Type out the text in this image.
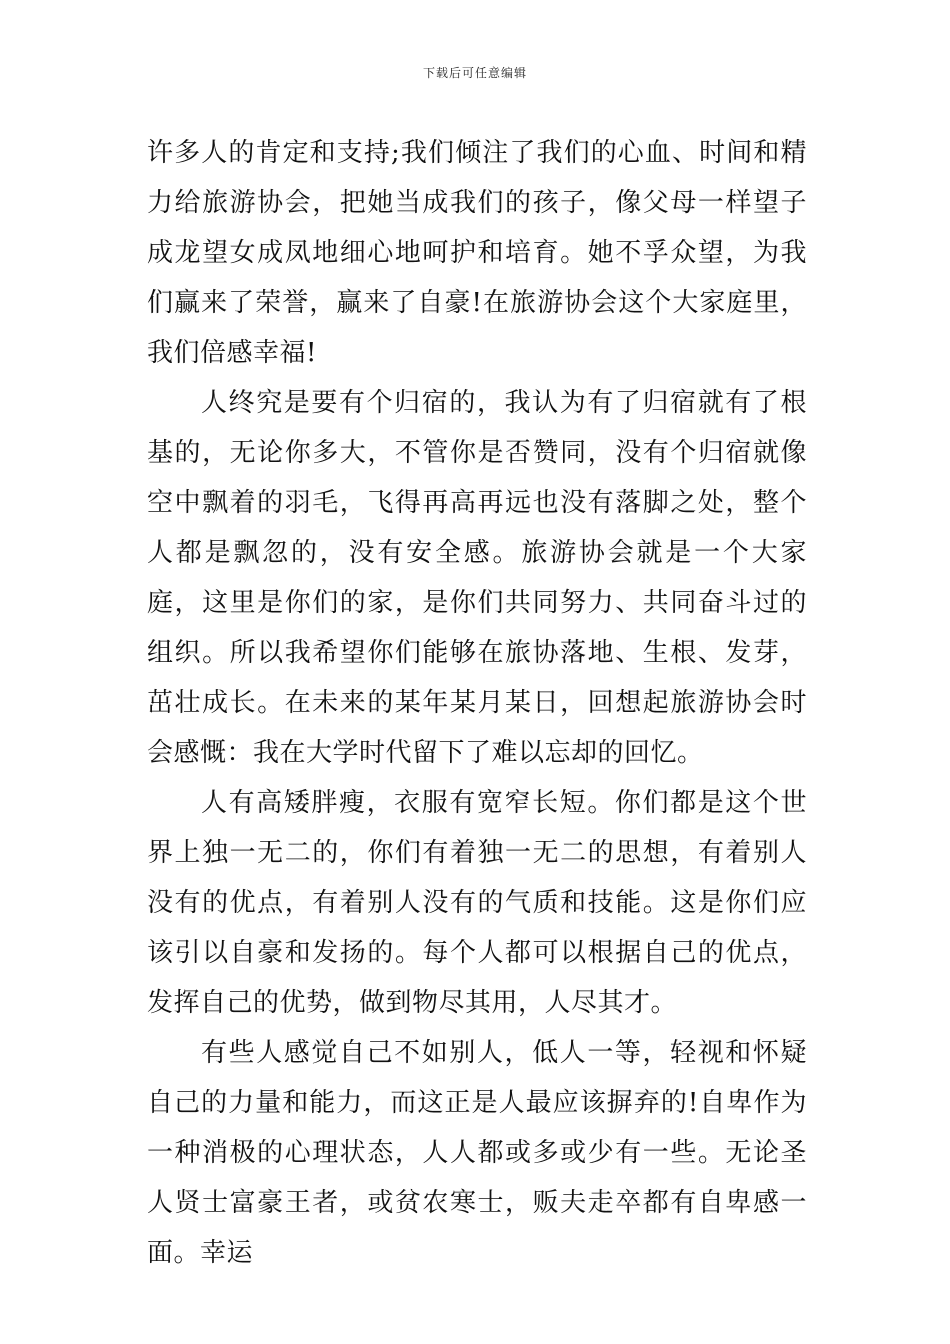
下载后可任意编辑

许多人的肯定和支持;我们倾注了我们的心血、时间和精力给旅游协会，把她当成我们的孩子，像父母一样望子成龙望女成凤地细心地呵护和培育。她不孚众望，为我们赢来了荣誉，赢来了自豪!在旅游协会这个大家庭里，我们倍感幸福!

人终究是要有个归宿的，我认为有了归宿就有了根基的，无论你多大，不管你是否赞同，没有个归宿就像空中飘着的羽毛，飞得再高再远也没有落脚之处，整个人都是飘忽的，没有安全感。旅游协会就是一个大家庭，这里是你们的家，是你们共同努力、共同奋斗过的组织。所以我希望你们能够在旅协落地、生根、发芽，茁壮成长。在未来的某年某月某日，回想起旅游协会时会感慨：我在大学时代留下了难以忘却的回忆。

人有高矮胖瘦，衣服有宽窄长短。你们都是这个世界上独一无二的，你们有着独一无二的思想，有着别人没有的优点，有着别人没有的气质和技能。这是你们应该引以自豪和发扬的。每个人都可以根据自己的优点，发挥自己的优势，做到物尽其用，人尽其才。

有些人感觉自己不如别人，低人一等，轻视和怀疑自己的力量和能力，而这正是人最应该摒弃的!自卑作为一种消极的心理状态，人人都或多或少有一些。无论圣人贤士富豪王者，或贫农寒士，贩夫走卒都有自卑感一面。幸运
